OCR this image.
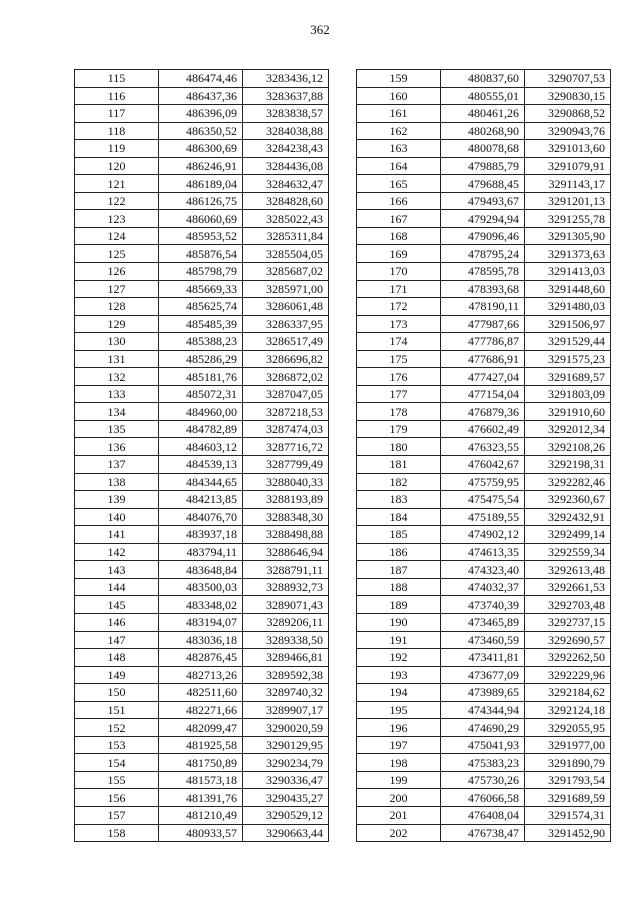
362
115	486474,46	3283436,12
116	486437,36	3283637,88
117	486396,09	3283838,57
118	486350,52	3284038,88
119	486300,69	3284238,43
120	486246,91	3284436,08
121	486189,04	3284632,47
122	486126,75	3284828,60
123	486060,69	3285022,43
124	485953,52	3285311,84
125	485876,54	3285504,05
126	485798,79	3285687,02
127	485669,33	3285971,00
128	485625,74	3286061,48
129	485485,39	3286337,95
130	485388,23	3286517,49
131	485286,29	3286696,82
132	485181,76	3286872,02
133	485072,31	3287047,05
134	484960,00	3287218,53
135	484782,89	3287474,03
136	484603,12	3287716,72
137	484539,13	3287799,49
138	484344,65	3288040,33
139	484213,85	3288193,89
140	484076,70	3288348,30
141	483937,18	3288498,88
142	483794,11	3288646,94
143	483648,84	3288791,11
144	483500,03	3288932,73
145	483348,02	3289071,43
146	483194,07	3289206,11
147	483036,18	3289338,50
148	482876,45	3289466,81
149	482713,26	3289592,38
150	482511,60	3289740,32
151	482271,66	3289907,17
152	482099,47	3290020,59
153	481925,58	3290129,95
154	481750,89	3290234,79
155	481573,18	3290336,47
156	481391,76	3290435,27
157	481210,49	3290529,12
158	480933,57	3290663,44
159	480837,60	3290707,53
160	480555,01	3290830,15
161	480461,26	3290868,52
162	480268,90	3290943,76
163	480078,68	3291013,60
164	479885,79	3291079,91
165	479688,45	3291143,17
166	479493,67	3291201,13
167	479294,94	3291255,78
168	479096,46	3291305,90
169	478795,24	3291373,63
170	478595,78	3291413,03
171	478393,68	3291448,60
172	478190,11	3291480,03
173	477987,66	3291506,97
174	477786,87	3291529,44
175	477686,91	3291575,23
176	477427,04	3291689,57
177	477154,04	3291803,09
178	476879,36	3291910,60
179	476602,49	3292012,34
180	476323,55	3292108,26
181	476042,67	3292198,31
182	475759,95	3292282,46
183	475475,54	3292360,67
184	475189,55	3292432,91
185	474902,12	3292499,14
186	474613,35	3292559,34
187	474323,40	3292613,48
188	474032,37	3292661,53
189	473740,39	3292703,48
190	473465,89	3292737,15
191	473460,59	3292690,57
192	473411,81	3292262,50
193	473677,09	3292229,96
194	473989,65	3292184,62
195	474344,94	3292124,18
196	474690,29	3292055,95
197	475041,93	3291977,00
198	475383,23	3291890,79
199	475730,26	3291793,54
200	476066,58	3291689,59
201	476408,04	3291574,31
202	476738,47	3291452,90
